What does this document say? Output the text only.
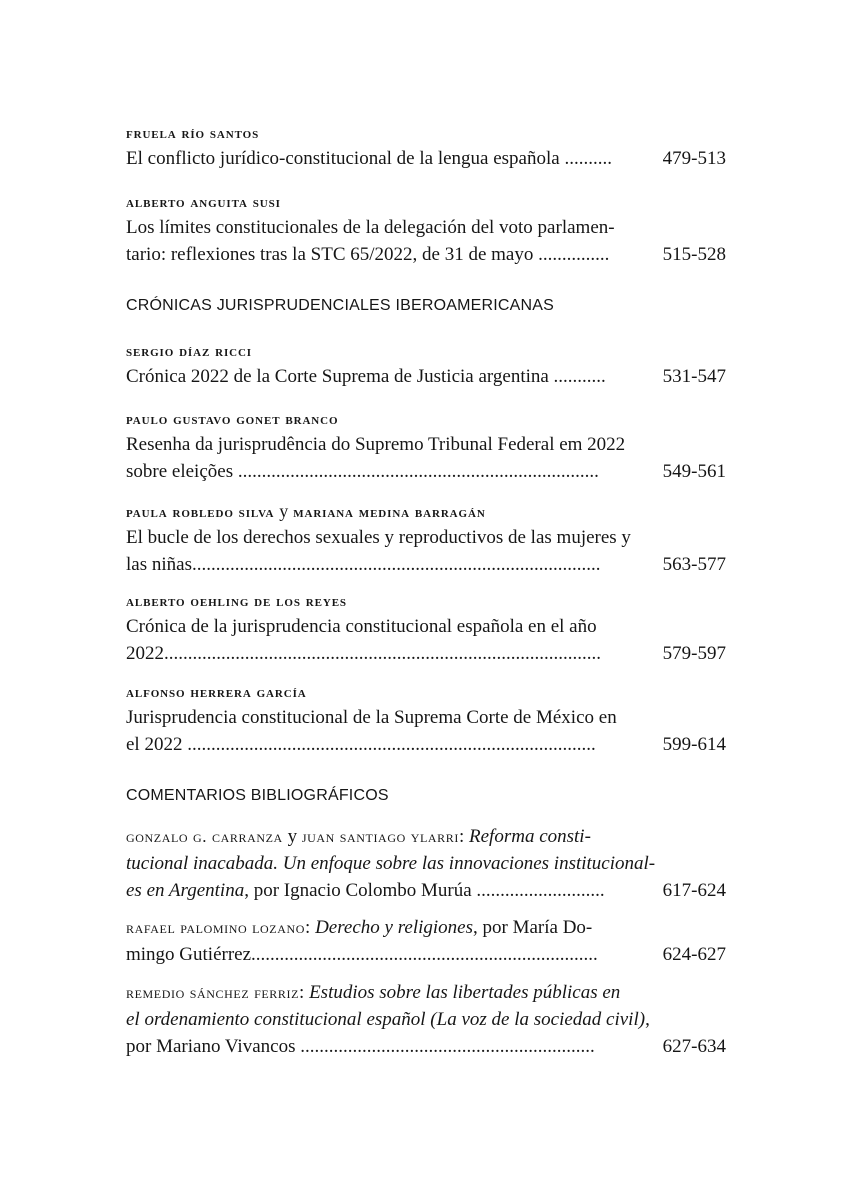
fruela río santos
El conflicto jurídico-constitucional de la lengua española ..........	479-513
alberto anguita susi
Los límites constitucionales de la delegación del voto parlamen-
tario: reflexiones tras la STC 65/2022, de 31 de mayo ...............	515-528
CRÓNICAS JURISPRUDENCIALES IBEROAMERICANAS
sergio díaz ricci
Crónica 2022 de la Corte Suprema de Justicia argentina ...........	531-547
paulo gustavo gonet branco
Resenha da jurisprudência do Supremo Tribunal Federal em 2022
sobre eleições ............................................................................	549-561
paula robledo silva y mariana medina barragán
El bucle de los derechos sexuales y reproductivos de las mujeres y
las niñas......................................................................................	563-577
alberto oehling de los reyes
Crónica de la jurisprudencia constitucional española en el año
2022............................................................................................	579-597
alfonso herrera garcía
Jurisprudencia constitucional de la Suprema Corte de México en
el 2022 ......................................................................................	599-614
COMENTARIOS BIBLIOGRÁFICOS
gonzalo g. carranza y juan santiago ylarri: Reforma consti-
tucional inacabada. Un enfoque sobre las innovaciones institucional-
es en Argentina, por Ignacio Colombo Murúa ...........................	617-624
rafael palomino lozano: Derecho y religiones, por María Do-
mingo Gutiérrez.........................................................................	624-627
remedio sánchez ferriz: Estudios sobre las libertades públicas en
el ordenamiento constitucional español (La voz de la sociedad civil),
por Mariano Vivancos ..............................................................	627-634
